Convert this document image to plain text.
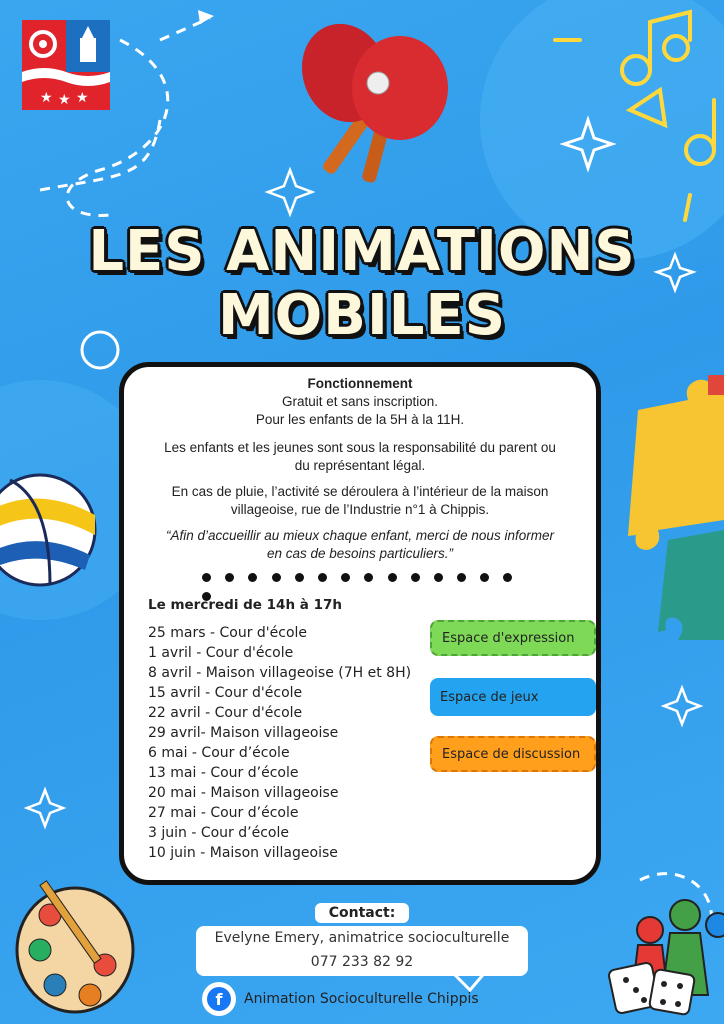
★ ★ ★
LES ANIMATIONS
MOBILES
Fonctionnement
Gratuit et sans inscription.
Pour les enfants de la 5H à la 11H.
Les enfants et les jeunes sont sous la responsabilité du parent ou
du représentant légal.
En cas de pluie, l’activité se déroulera à l’intérieur de la maison
villageoise, rue de l’Industrie n°1 à Chippis.
“Afin d’accueillir au mieux chaque enfant, merci de nous informer
en cas de besoins particuliers.”
Le mercredi de 14h à 17h
25 mars - Cour d'école
1 avril - Cour d'école
8 avril - Maison villageoise (7H et 8H)
15 avril - Cour d'école
22 avril - Cour d'école
29 avril- Maison villageoise
6 mai - Cour d’école
13 mai - Cour d’école
20 mai - Maison villageoise
27 mai - Cour d’école
3 juin - Cour d’école
10 juin - Maison villageoise
Espace d'expression
Espace de jeux
Espace de discussion
Contact:
Evelyne Emery, animatrice socioculturelle
077 233 82 92
f	Animation Socioculturelle Chippis
